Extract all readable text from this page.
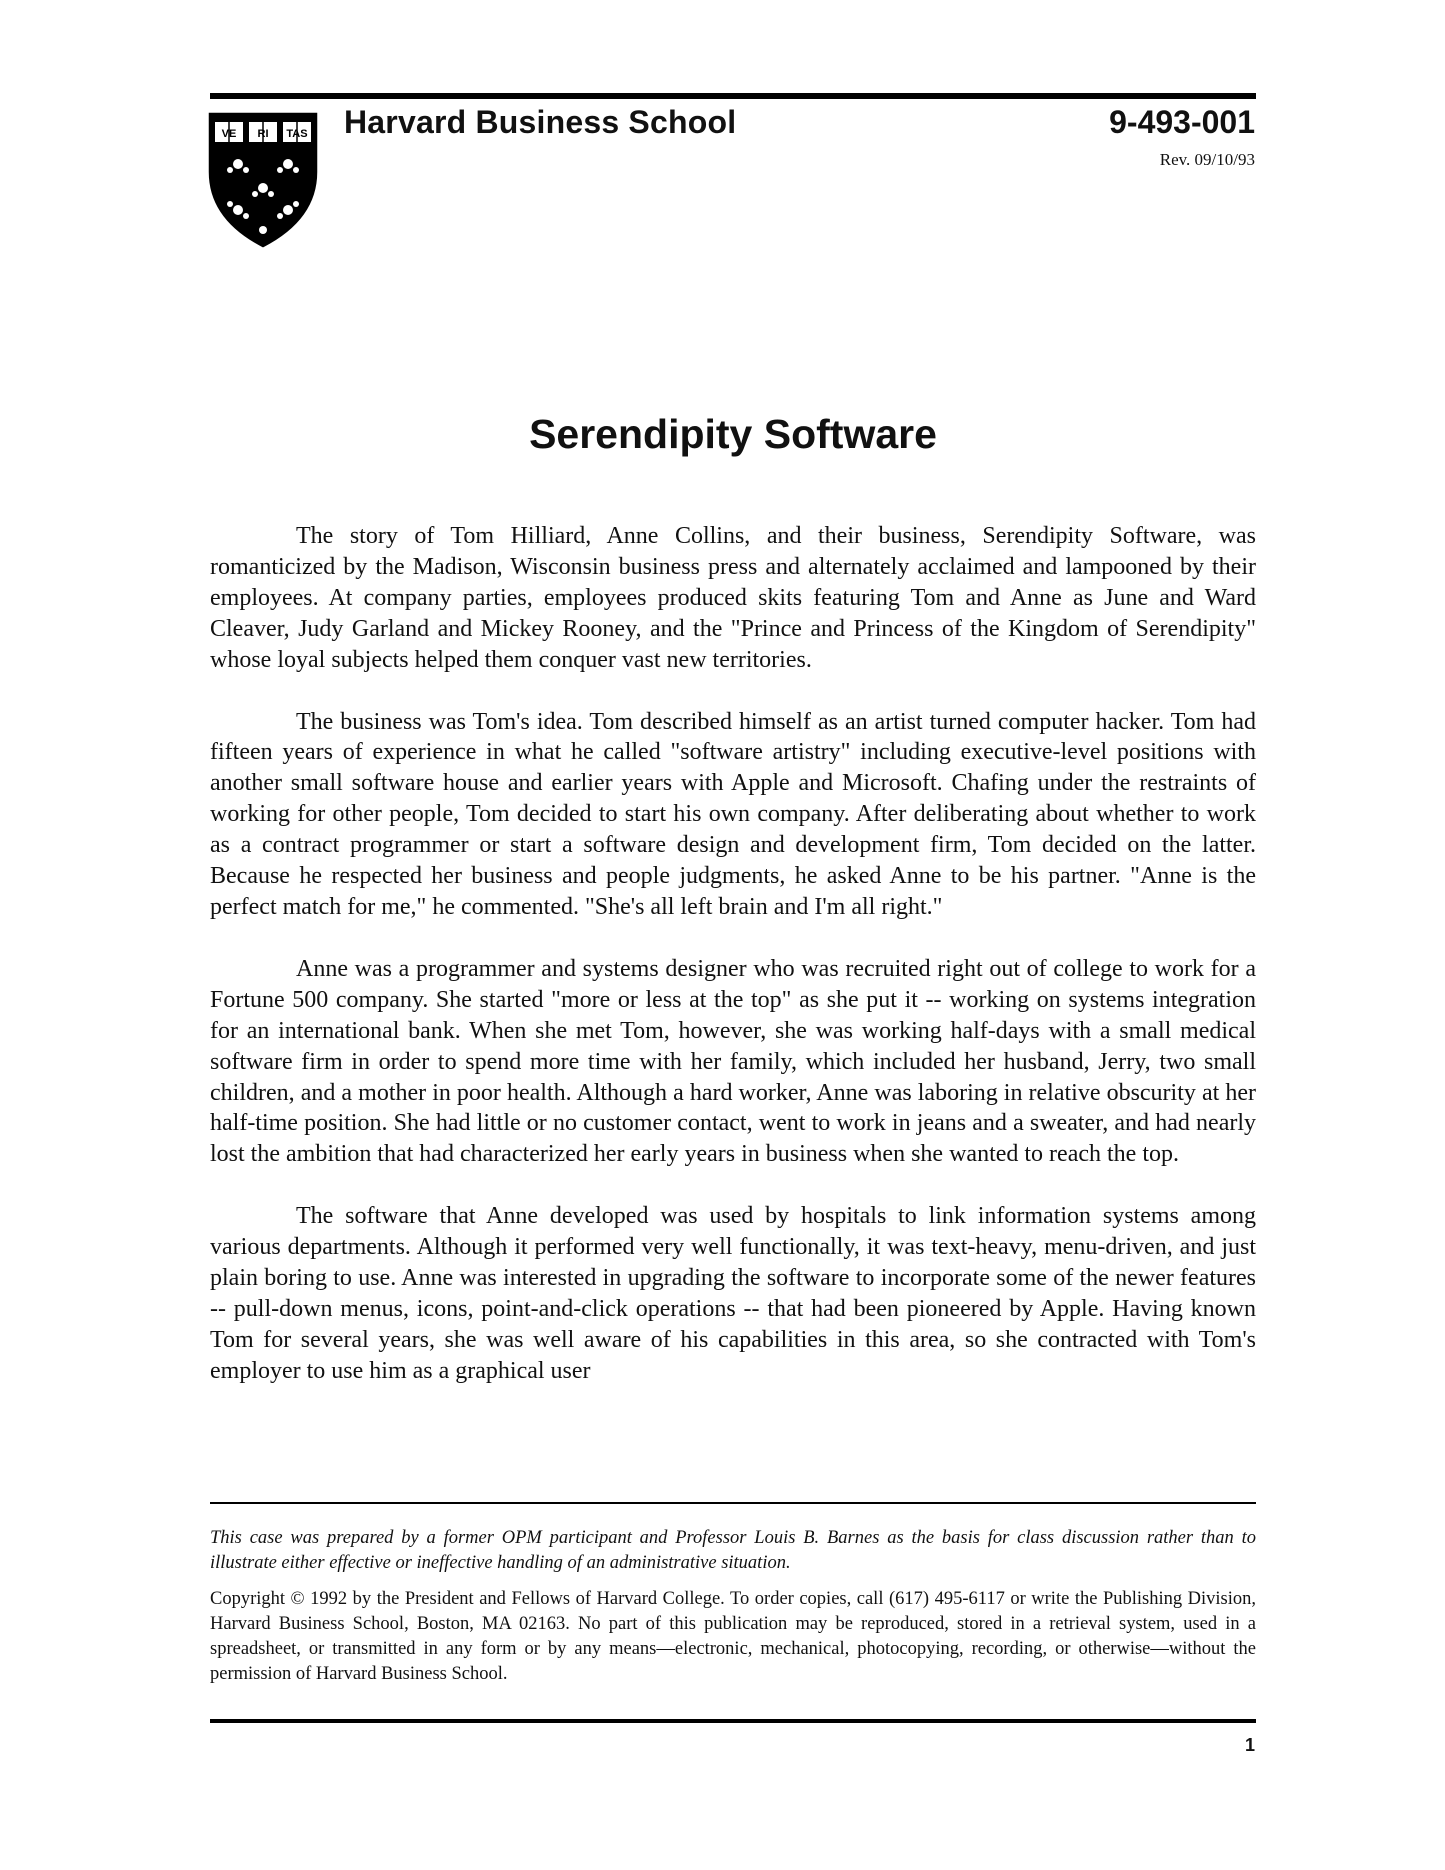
VE RI TAS Harvard Business School	9-493-001
Rev. 09/10/93
Serendipity Software

The story of Tom Hilliard, Anne Collins, and their business, Serendipity Software, was romanticized by the Madison, Wisconsin business press and alternately acclaimed and lampooned by their employees. At company parties, employees produced skits featuring Tom and Anne as June and Ward Cleaver, Judy Garland and Mickey Rooney, and the "Prince and Princess of the Kingdom of Serendipity" whose loyal subjects helped them conquer vast new territories.

The business was Tom's idea. Tom described himself as an artist turned computer hacker. Tom had fifteen years of experience in what he called "software artistry" including executive-level positions with another small software house and earlier years with Apple and Microsoft. Chafing under the restraints of working for other people, Tom decided to start his own company. After deliberating about whether to work as a contract programmer or start a software design and development firm, Tom decided on the latter. Because he respected her business and people judgments, he asked Anne to be his partner. "Anne is the perfect match for me," he commented. "She's all left brain and I'm all right."

Anne was a programmer and systems designer who was recruited right out of college to work for a Fortune 500 company. She started "more or less at the top" as she put it -- working on systems integration for an international bank. When she met Tom, however, she was working half-days with a small medical software firm in order to spend more time with her family, which included her husband, Jerry, two small children, and a mother in poor health. Although a hard worker, Anne was laboring in relative obscurity at her half-time position. She had little or no customer contact, went to work in jeans and a sweater, and had nearly lost the ambition that had characterized her early years in business when she wanted to reach the top.

The software that Anne developed was used by hospitals to link information systems among various departments. Although it performed very well functionally, it was text-heavy, menu-driven, and just plain boring to use. Anne was interested in upgrading the software to incorporate some of the newer features -- pull-down menus, icons, point-and-click operations -- that had been pioneered by Apple. Having known Tom for several years, she was well aware of his capabilities in this area, so she contracted with Tom's employer to use him as a graphical user

This case was prepared by a former OPM participant and Professor Louis B. Barnes as the basis for class discussion rather than to illustrate either effective or ineffective handling of an administrative situation.

Copyright © 1992 by the President and Fellows of Harvard College. To order copies, call (617) 495-6117 or write the Publishing Division, Harvard Business School, Boston, MA 02163. No part of this publication may be reproduced, stored in a retrieval system, used in a spreadsheet, or transmitted in any form or by any means—electronic, mechanical, photocopying, recording, or otherwise—without the permission of Harvard Business School.

1
